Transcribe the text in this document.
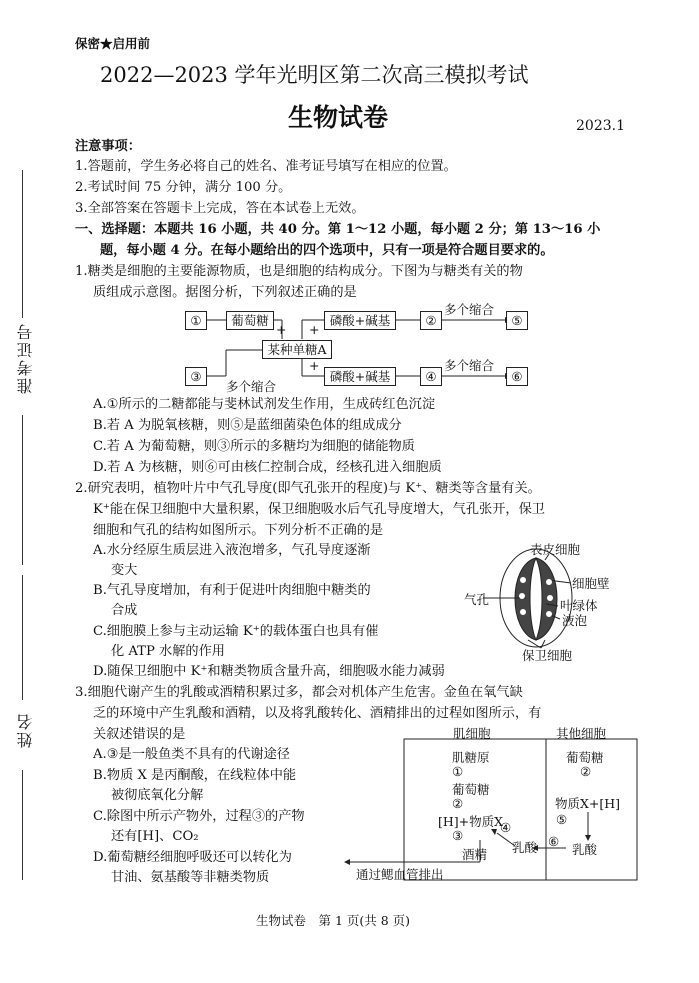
保密★启用前
2022—2023 学年光明区第二次高三模拟考试
生物试卷	2023.1
准考证号
姓名
注意事项：
1.答题前，学生务必将自己的姓名、准考证号填写在相应的位置。
2.考试时间 75 分钟，满分 100 分。
3.全部答案在答题卡上完成，答在本试卷上无效。
一、选择题：本题共 16 小题，共 40 分。第 1～12 小题，每小题 2 分；第 13～16 小
题，每小题 4 分。在每小题给出的四个选项中，只有一项是符合题目要求的。
1.糖类是细胞的主要能源物质，也是细胞的结构成分。下图为与糖类有关的物
质组成示意图。据图分析，下列叙述正确的是
①	葡萄糖
+ +
某种单糖A
磷酸+碱基	②
多个缩合
⑤
③
多个缩合
+
磷酸+碱基	④
多个缩合
⑥
A.①所示的二糖都能与斐林试剂发生作用，生成砖红色沉淀
B.若 A 为脱氧核糖，则⑤是蓝细菌染色体的组成成分
C.若 A 为葡萄糖，则③所示的多糖均为细胞的储能物质
D.若 A 为核糖，则⑥可由核仁控制合成，经核孔进入细胞质
2.研究表明，植物叶片中气孔导度(即气孔张开的程度)与 K⁺、糖类等含量有关。
K⁺能在保卫细胞中大量积累，保卫细胞吸水后气孔导度增大，气孔张开，保卫
细胞和气孔的结构如图所示。下列分析不正确的是
A.水分经原生质层进入液泡增多，气孔导度逐渐
变大
B.气孔导度增加，有利于促进叶肉细胞中糖类的
合成
C.细胞膜上参与主动运输 K⁺的载体蛋白也具有催
化 ATP 水解的作用
D.随保卫细胞中 K⁺和糖类物质含量升高，细胞吸水能力减弱
表皮细胞
细胞壁
气孔	叶绿体
液泡
保卫细胞
3.细胞代谢产生的乳酸或酒精积累过多，都会对机体产生危害。金鱼在氧气缺
乏的环境中产生乳酸和酒精，以及将乳酸转化、酒精排出的过程如图所示，有
关叙述错误的是
A.③是一般鱼类不具有的代谢途径
B.物质 X 是丙酮酸，在线粒体中能
被彻底氧化分解
C.除图中所示产物外，过程③的产物
还有[H]、CO₂
D.葡萄糖经细胞呼吸还可以转化为
甘油、氨基酸等非糖类物质
肌细胞	其他细胞
肌糖原
①
葡萄糖
②
[H]+物质X
③
④
酒精 乳酸
通过鳃血管排出
葡萄糖
②
物质X+[H]
⑤
⑥
乳酸
生物试卷　第 1 页(共 8 页)
